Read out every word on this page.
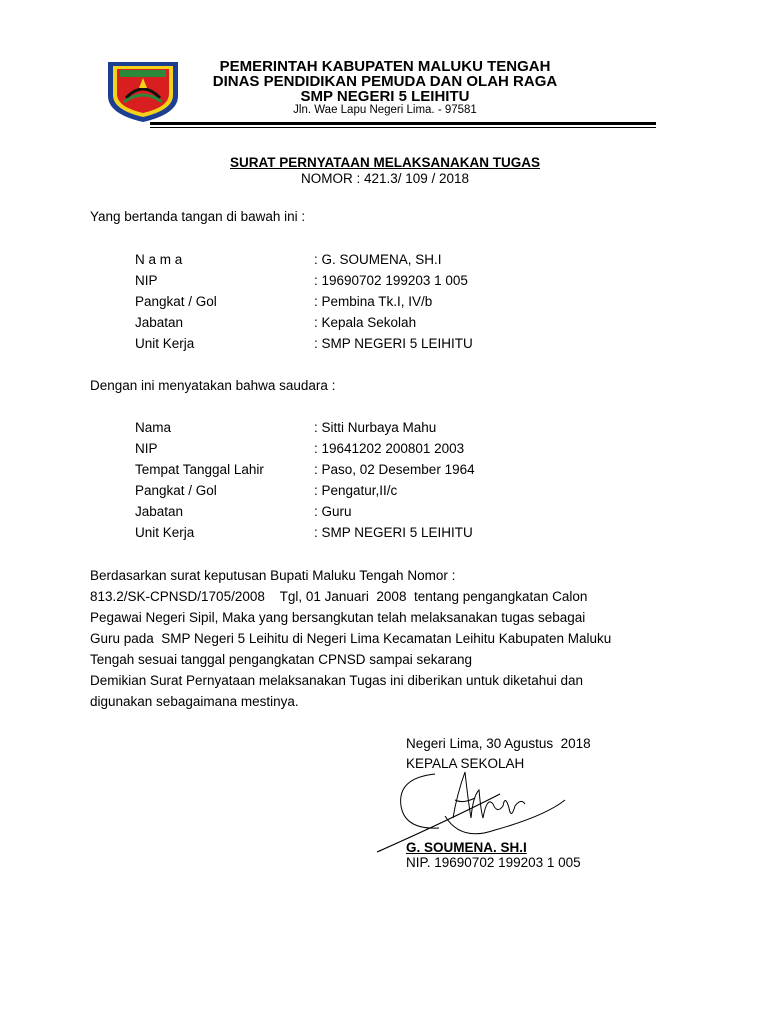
PEMERINTAH KABUPATEN MALUKU TENGAH
DINAS PENDIDIKAN PEMUDA DAN OLAH RAGA
SMP NEGERI 5 LEIHITU
Jln. Wae Lapu Negeri Lima. - 97581
SURAT PERNYATAAN MELAKSANAKAN TUGAS
NOMOR : 421.3/ 109 / 2018
Yang bertanda tangan di bawah ini :
N a m a	: G. SOUMENA, SH.I
NIP	: 19690702 199203 1 005
Pangkat / Gol	: Pembina Tk.I, IV/b
Jabatan	: Kepala Sekolah
Unit Kerja	: SMP NEGERI 5 LEIHITU
Dengan ini menyatakan bahwa saudara :
Nama	: Sitti Nurbaya Mahu
NIP	: 19641202 200801 2003
Tempat Tanggal Lahir	: Paso, 02 Desember 1964
Pangkat / Gol	: Pengatur,II/c
Jabatan	: Guru
Unit Kerja	: SMP NEGERI 5 LEIHITU
Berdasarkan surat keputusan Bupati Maluku Tengah Nomor :
813.2/SK-CPNSD/1705/2008    Tgl, 01 Januari  2008  tentang pengangkatan Calon
Pegawai Negeri Sipil, Maka yang bersangkutan telah melaksanakan tugas sebagai
Guru pada  SMP Negeri 5 Leihitu di Negeri Lima Kecamatan Leihitu Kabupaten Maluku
Tengah sesuai tanggal pengangkatan CPNSD sampai sekarang
Demikian Surat Pernyataan melaksanakan Tugas ini diberikan untuk diketahui dan
digunakan sebagaimana mestinya.
Negeri Lima, 30 Agustus  2018
KEPALA SEKOLAH
G. SOUMENA. SH.I
NIP. 19690702 199203 1 005
